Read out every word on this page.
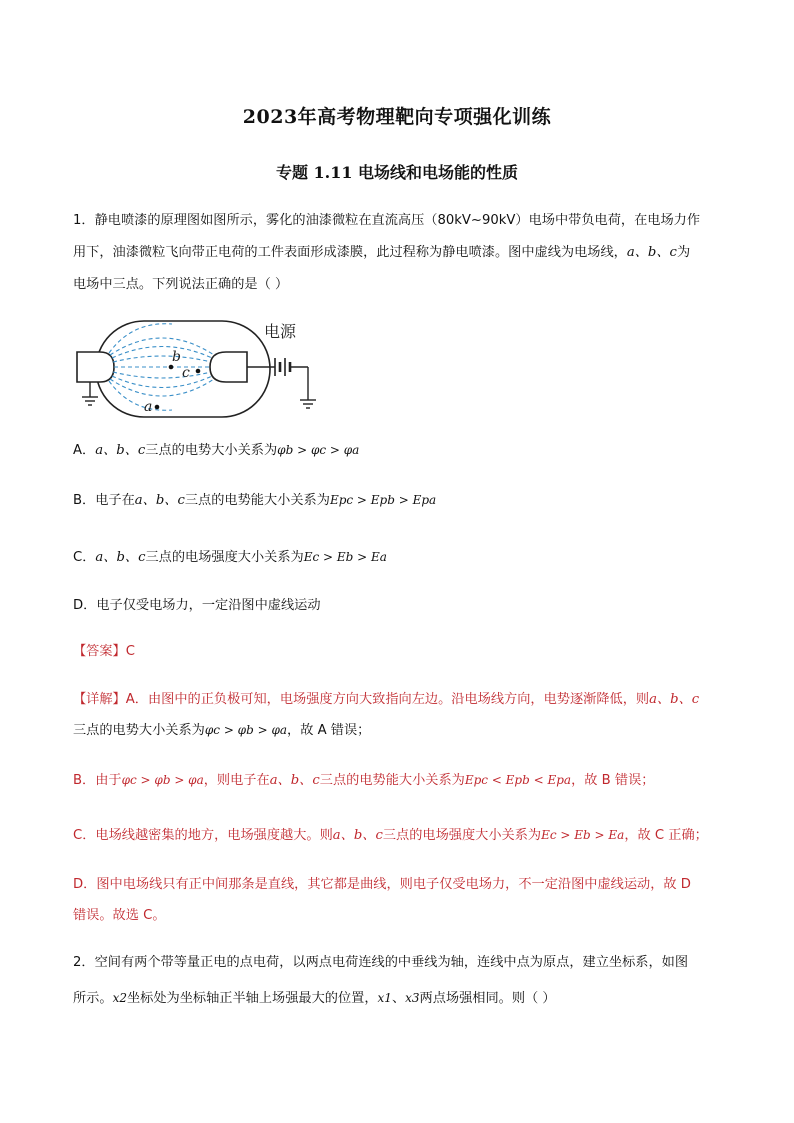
2023年高考物理靶向专项强化训练
专题 1.11 电场线和电场能的性质
1．静电喷漆的原理图如图所示，雾化的油漆微粒在直流高压（80kV~90kV）电场中带负电荷，在电场力作
用下，油漆微粒飞向带正电荷的工件表面形成漆膜，此过程称为静电喷漆。图中虚线为电场线，a、b、c为
电场中三点。下列说法正确的是（ ）
电源
b
c
a
A．a、b、c三点的电势大小关系为φb > φc > φa
B．电子在a、b、c三点的电势能大小关系为Epc > Epb > Epa
C．a、b、c三点的电场强度大小关系为Ec > Eb > Ea
D．电子仅受电场力，一定沿图中虚线运动
【答案】C
【详解】A．由图中的正负极可知，电场强度方向大致指向左边。沿电场线方向，电势逐渐降低，则a、b、c
三点的电势大小关系为φc > φb > φa，故 A 错误；
B．由于φc > φb > φa，则电子在a、b、c三点的电势能大小关系为Epc < Epb < Epa，故 B 错误；
C．电场线越密集的地方，电场强度越大。则a、b、c三点的电场强度大小关系为Ec > Eb > Ea，故 C 正确；
D．图中电场线只有正中间那条是直线，其它都是曲线，则电子仅受电场力，不一定沿图中虚线运动，故 D
错误。故选 C。
2．空间有两个带等量正电的点电荷，以两点电荷连线的中垂线为轴，连线中点为原点，建立坐标系，如图
所示。x2坐标处为坐标轴正半轴上场强最大的位置，x1、x3两点场强相同。则（ ）
